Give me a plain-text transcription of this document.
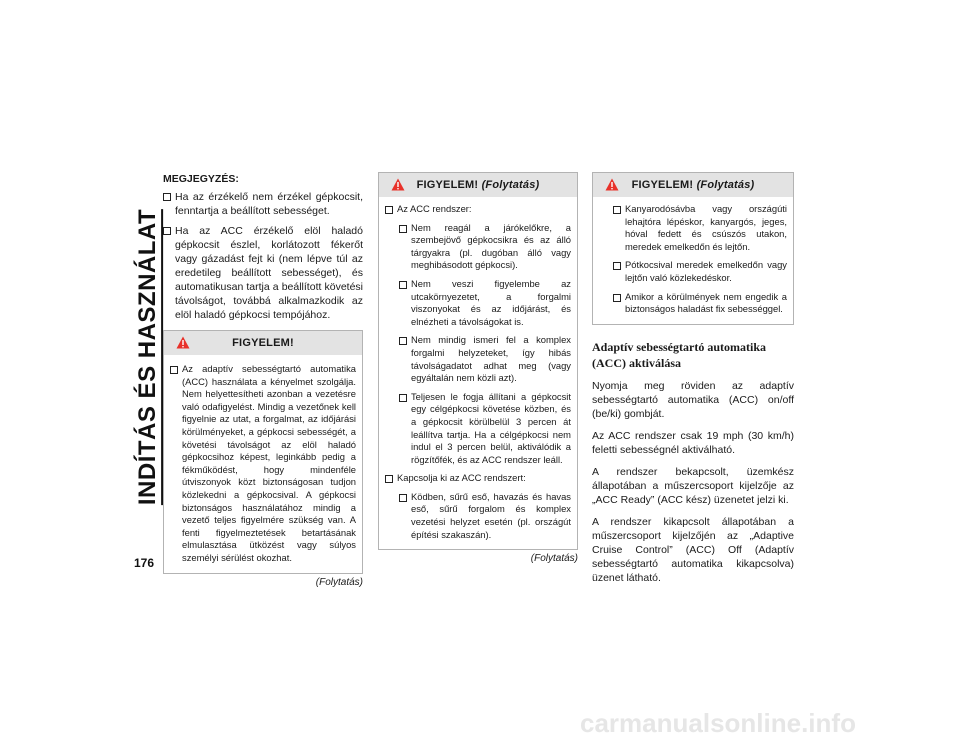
INDÍTÁS ÉS HASZNÁLAT
176
MEGJEGYZÉS:
Ha az érzékelő nem érzékel gépkocsit, fenntartja a beállított sebességet.
Ha az ACC érzékelő elöl haladó gépkocsit észlel, korlátozott fékerőt vagy gázadást fejt ki (nem lépve túl az eredetileg beállított sebességet), és automatikusan tartja a beállított követési távolságot, továbbá alkalmazkodik az elöl haladó gépkocsi tempójához.
FIGYELEM!
Az adaptív sebességtartó automatika (ACC) használata a kényelmet szolgálja. Nem helyettesítheti azonban a vezetésre való odafigyelést. Mindig a vezetőnek kell figyelnie az utat, a forgalmat, az időjárási körülményeket, a gépkocsi sebességét, a követési távolságot az elöl haladó gépkocsihoz képest, leginkább pedig a fékműködést, hogy mindenféle útviszonyok közt biztonságosan tudjon közlekedni a gépkocsival. A gépkocsi biztonságos használatához mindig a vezető teljes figyelmére szükség van. A fenti figyelmeztetések betartásának elmulasztása ütközést vagy súlyos személyi sérülést okozhat.
(Folytatás)
FIGYELEM! (Folytatás)
Az ACC rendszer:
Nem reagál a járókelőkre, a szembejövő gépkocsikra és az álló tárgyakra (pl. dugóban álló vagy meghibásodott gépkocsi).
Nem veszi figyelembe az utcakörnyezetet, a forgalmi viszonyokat és az időjárást, és elnézheti a távolságokat is.
Nem mindig ismeri fel a komplex forgalmi helyzeteket, így hibás távolságadatot adhat meg (vagy egyáltalán nem közli azt).
Teljesen le fogja állítani a gépkocsit egy célgépkocsi követése közben, és a gépkocsit körülbelül 3 percen át leállítva tartja. Ha a célgépkocsi nem indul el 3 percen belül, aktiválódik a rögzítőfék, és az ACC rendszer leáll.
Kapcsolja ki az ACC rendszert:
Ködben, sűrű eső, havazás és havas eső, sűrű forgalom és komplex vezetési helyzet esetén (pl. országút építési szakaszán).
(Folytatás)
FIGYELEM! (Folytatás)
Kanyarodósávba vagy országúti lehajtóra lépéskor, kanyargós, jeges, hóval fedett és csúszós utakon, meredek emelkedőn és lejtőn.
Pótkocsival meredek emelkedőn vagy lejtőn való közlekedéskor.
Amikor a körülmények nem engedik a biztonságos haladást fix sebességgel.
Adaptív sebességtartó automatika (ACC) aktiválása
Nyomja meg röviden az adaptív sebességtartó automatika (ACC) on/off (be/ki) gombját.
Az ACC rendszer csak 19 mph (30 km/h) feletti sebességnél aktiválható.
A rendszer bekapcsolt, üzemkész állapotában a műszercsoport kijelzője az „ACC Ready” (ACC kész) üzenetet jelzi ki.
A rendszer kikapcsolt állapotában a műszercsoport kijelzőjén az „Adaptive Cruise Control” (ACC) Off (Adaptív sebességtartó automatika kikapcsolva) üzenet látható.
carmanualsonline.info
